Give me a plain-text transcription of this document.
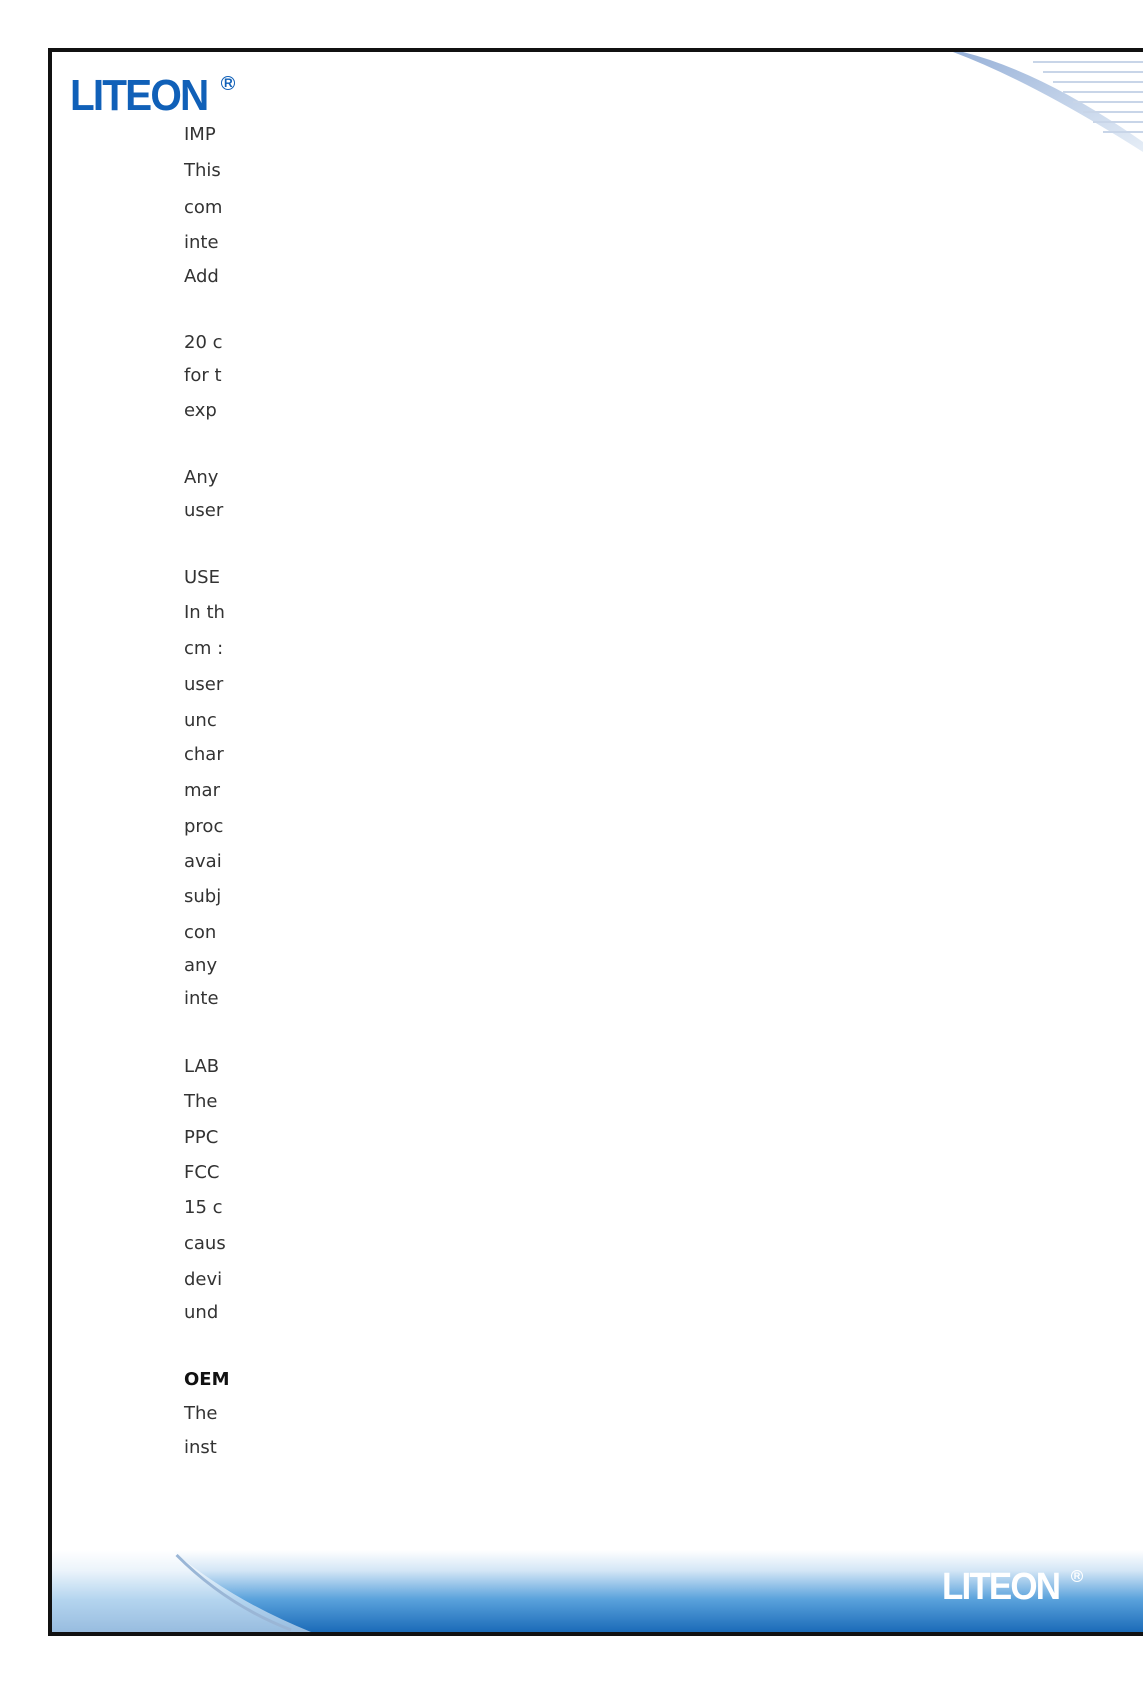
LITEON R
IMP
This
com
inte
Add
20 c
for t
exp
Any
user
USE
In th
cm :
user
unc
char
mar
proc
avai
subj
con
any
inte
LAB
The
PPC
FCC
15 c
caus
devi
und
OEM
The
inst
LITEON	R
